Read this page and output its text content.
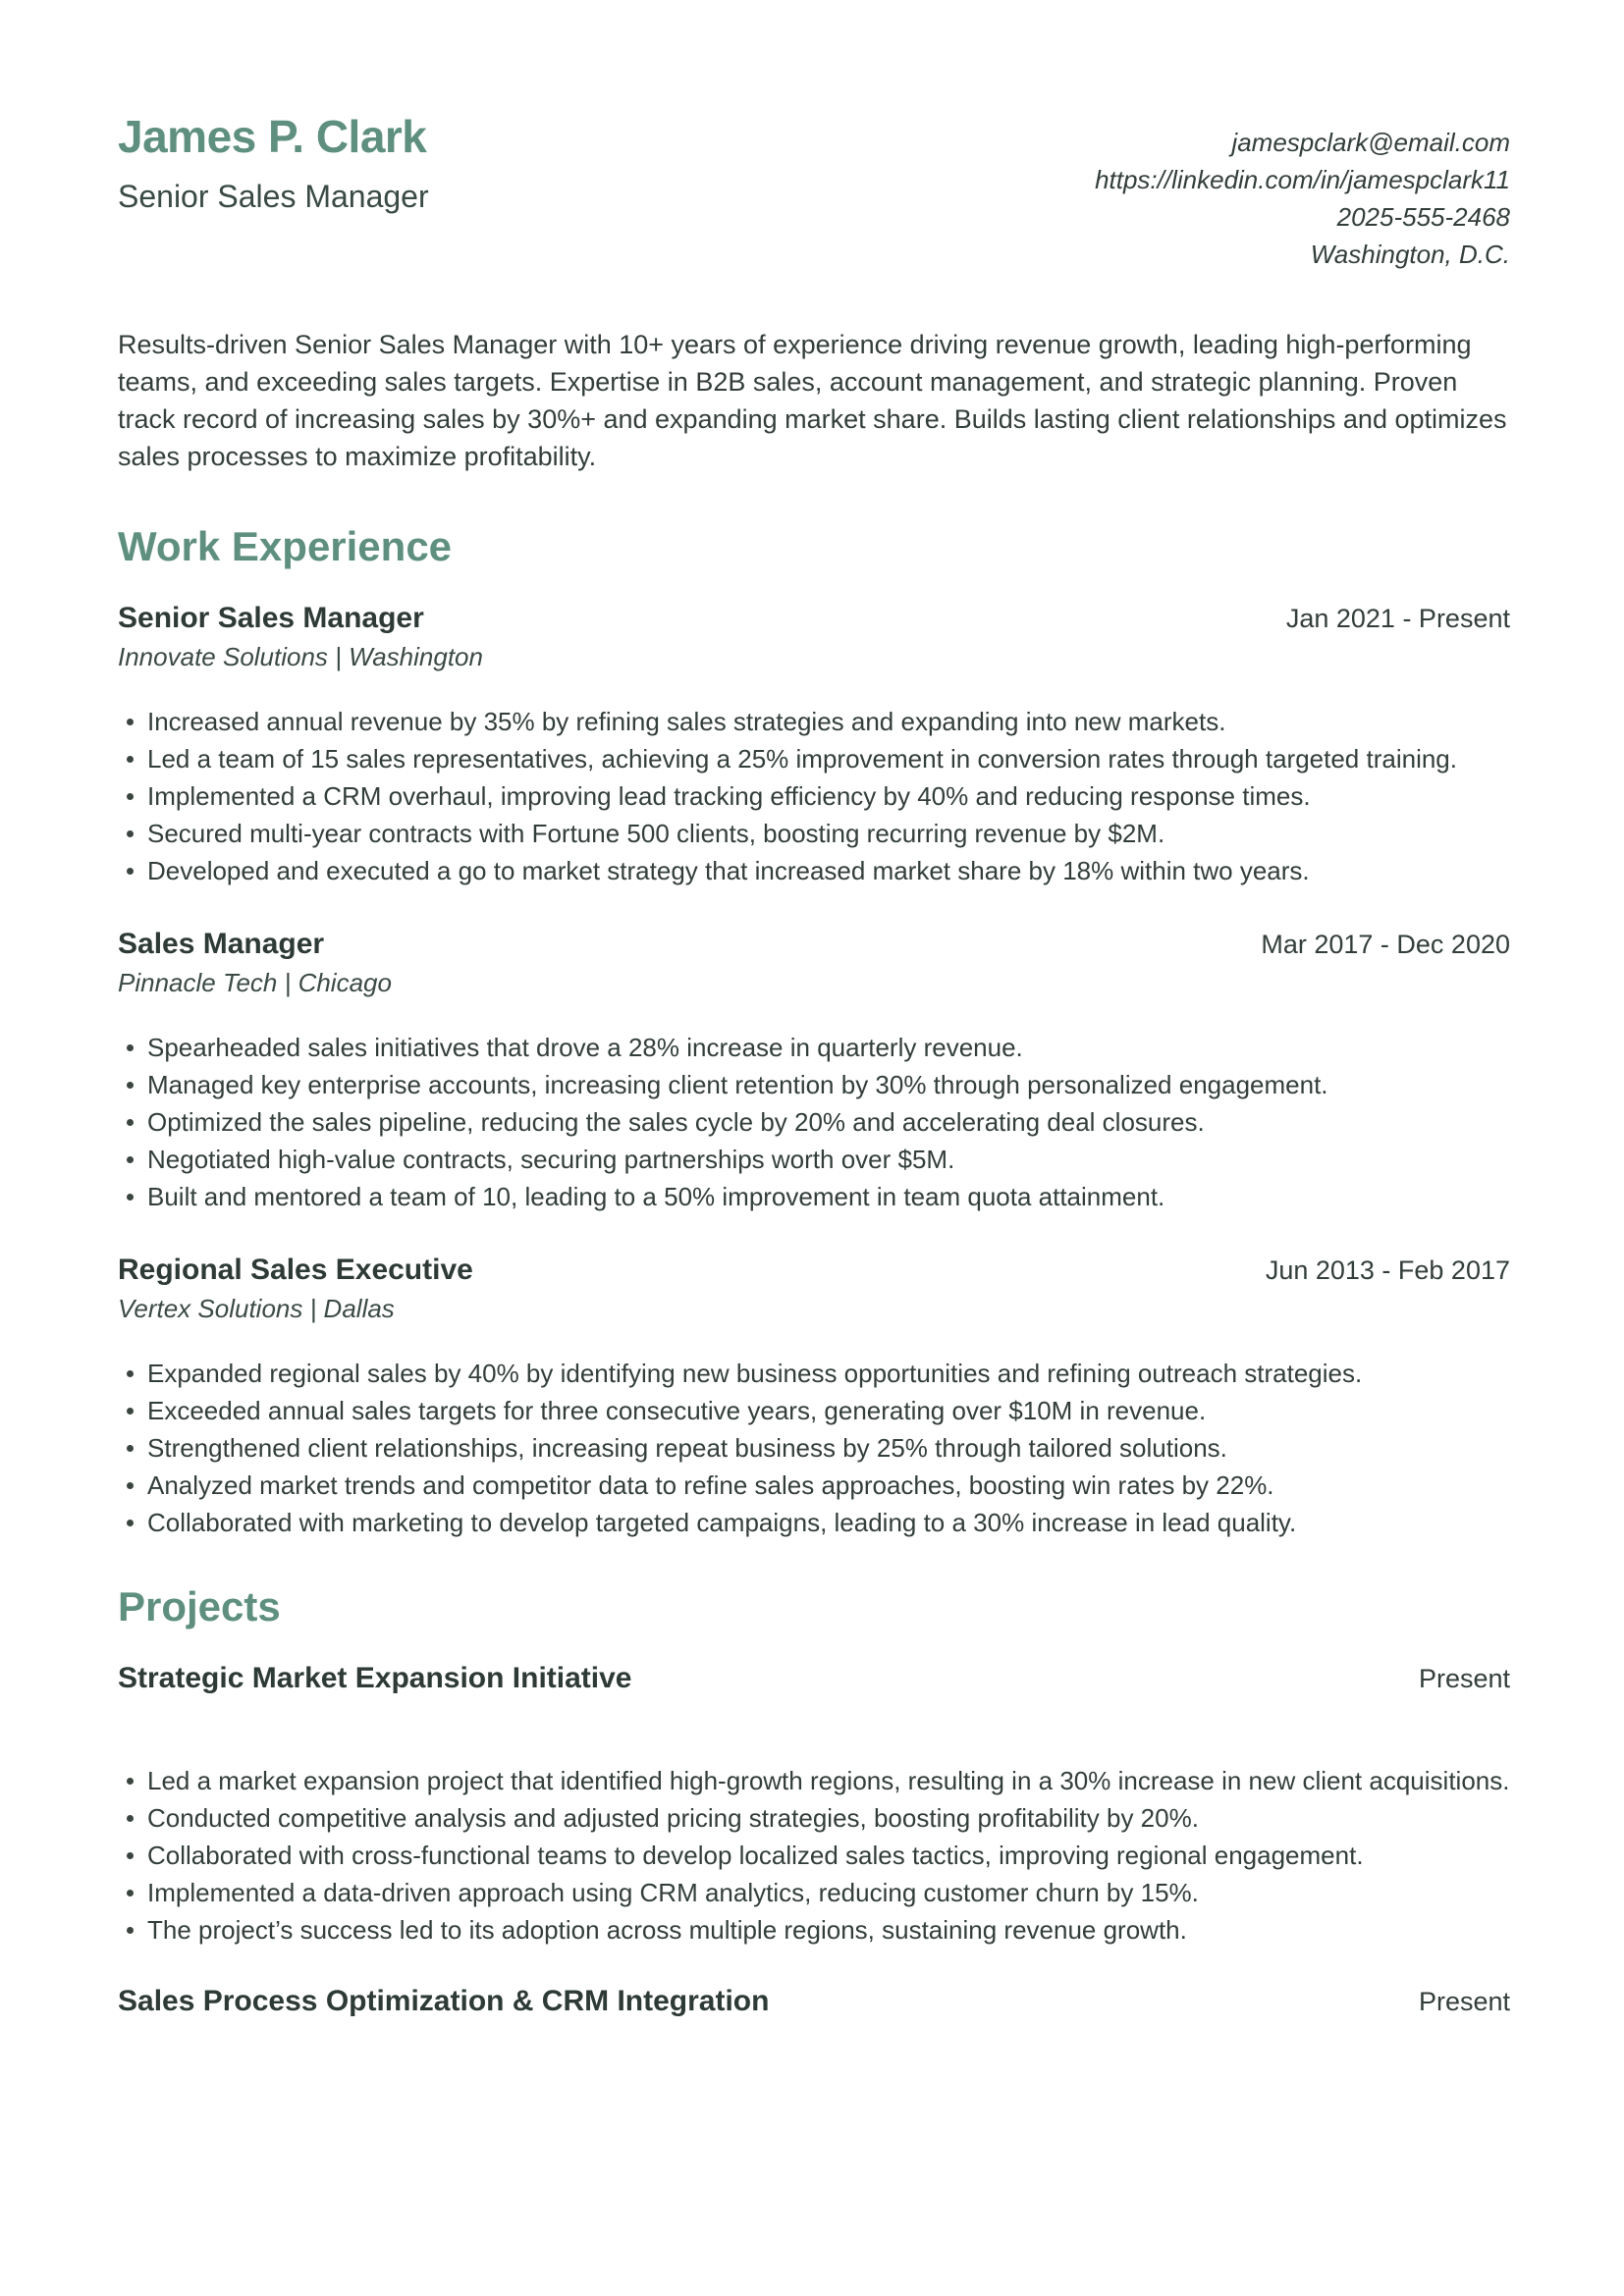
James P. Clark
Senior Sales Manager
jamespclark@email.com
https://linkedin.com/in/jamespclark11
2025-555-2468
Washington, D.C.

Results-driven Senior Sales Manager with 10+ years of experience driving revenue growth, leading high-performing teams, and exceeding sales targets. Expertise in B2B sales, account management, and strategic planning. Proven track record of increasing sales by 30%+ and expanding market share. Builds lasting client relationships and optimizes sales processes to maximize profitability.

Work Experience
Senior Sales Manager	Jan 2021 - Present
Innovate Solutions | Washington
Increased annual revenue by 35% by refining sales strategies and expanding into new markets.
Led a team of 15 sales representatives, achieving a 25% improvement in conversion rates through targeted training.
Implemented a CRM overhaul, improving lead tracking efficiency by 40% and reducing response times.
Secured multi-year contracts with Fortune 500 clients, boosting recurring revenue by $2M.
Developed and executed a go to market strategy that increased market share by 18% within two years.
Sales Manager	Mar 2017 - Dec 2020
Pinnacle Tech | Chicago
Spearheaded sales initiatives that drove a 28% increase in quarterly revenue.
Managed key enterprise accounts, increasing client retention by 30% through personalized engagement.
Optimized the sales pipeline, reducing the sales cycle by 20% and accelerating deal closures.
Negotiated high-value contracts, securing partnerships worth over $5M.
Built and mentored a team of 10, leading to a 50% improvement in team quota attainment.
Regional Sales Executive	Jun 2013 - Feb 2017
Vertex Solutions | Dallas
Expanded regional sales by 40% by identifying new business opportunities and refining outreach strategies.
Exceeded annual sales targets for three consecutive years, generating over $10M in revenue.
Strengthened client relationships, increasing repeat business by 25% through tailored solutions.
Analyzed market trends and competitor data to refine sales approaches, boosting win rates by 22%.
Collaborated with marketing to develop targeted campaigns, leading to a 30% increase in lead quality.
Projects
Strategic Market Expansion Initiative	Present
Led a market expansion project that identified high-growth regions, resulting in a 30% increase in new client acquisitions.
Conducted competitive analysis and adjusted pricing strategies, boosting profitability by 20%.
Collaborated with cross-functional teams to develop localized sales tactics, improving regional engagement.
Implemented a data-driven approach using CRM analytics, reducing customer churn by 15%.
The project’s success led to its adoption across multiple regions, sustaining revenue growth.
Sales Process Optimization & CRM Integration	Present
